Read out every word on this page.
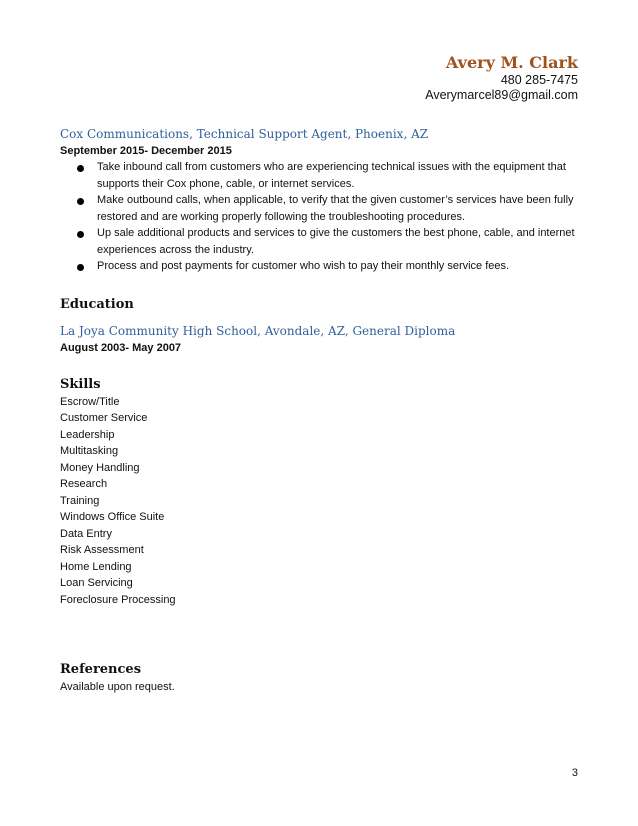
Avery M. Clark
480 285-7475
Averymarcel89@gmail.com
Cox Communications, Technical Support Agent, Phoenix, AZ
September 2015- December 2015
Take inbound call from customers who are experiencing technical issues with the equipment that supports their Cox phone, cable, or internet services.
Make outbound calls, when applicable, to verify that the given customer’s services have been fully restored and are working properly following the troubleshooting procedures.
Up sale additional products and services to give the customers the best phone, cable, and internet experiences across the industry.
Process and post payments for customer who wish to pay their monthly service fees.
Education
La Joya Community High School, Avondale, AZ, General Diploma
August 2003- May 2007
Skills
Escrow/Title
Customer Service
Leadership
Multitasking
Money Handling
Research
Training
Windows Office Suite
Data Entry
Risk Assessment
Home Lending
Loan Servicing
Foreclosure Processing
References
Available upon request.
3
